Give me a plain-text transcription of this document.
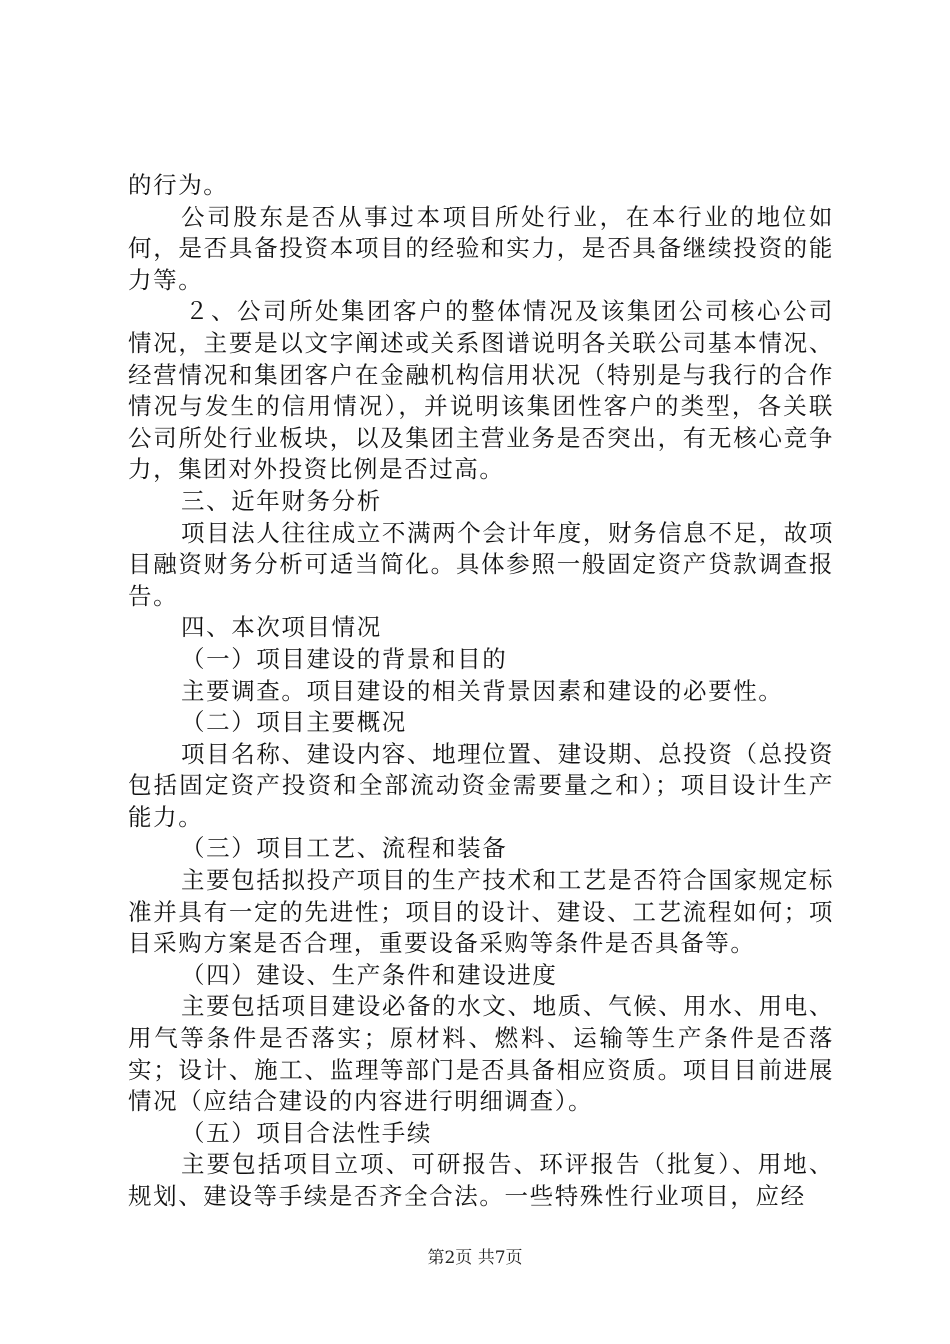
的行为。

公司股东是否从事过本项目所处行业，在本行业的地位如何，是否具备投资本项目的经验和实力，是否具备继续投资的能力等。

２、公司所处集团客户的整体情况及该集团公司核心公司情况，主要是以文字阐述或关系图谱说明各关联公司基本情况、经营情况和集团客户在金融机构信用状况（特别是与我行的合作情况与发生的信用情况），并说明该集团性客户的类型，各关联公司所处行业板块，以及集团主营业务是否突出，有无核心竞争力，集团对外投资比例是否过高。

三、近年财务分析

项目法人往往成立不满两个会计年度，财务信息不足，故项目融资财务分析可适当简化。具体参照一般固定资产贷款调查报告。

四、本次项目情况

（一）项目建设的背景和目的

主要调查。项目建设的相关背景因素和建设的必要性。

（二）项目主要概况

项目名称、建设内容、地理位置、建设期、总投资（总投资包括固定资产投资和全部流动资金需要量之和）；项目设计生产能力。

（三）项目工艺、流程和装备

主要包括拟投产项目的生产技术和工艺是否符合国家规定标准并具有一定的先进性；项目的设计、建设、工艺流程如何；项目采购方案是否合理，重要设备采购等条件是否具备等。

（四）建设、生产条件和建设进度

主要包括项目建设必备的水文、地质、气候、用水、用电、用气等条件是否落实；原材料、燃料、运输等生产条件是否落实；设计、施工、监理等部门是否具备相应资质。项目目前进展情况（应结合建设的内容进行明细调查）。

（五）项目合法性手续

主要包括项目立项、可研报告、环评报告（批复）、用地、规划、建设等手续是否齐全合法。一些特殊性行业项目，应经

第2页 共7页
